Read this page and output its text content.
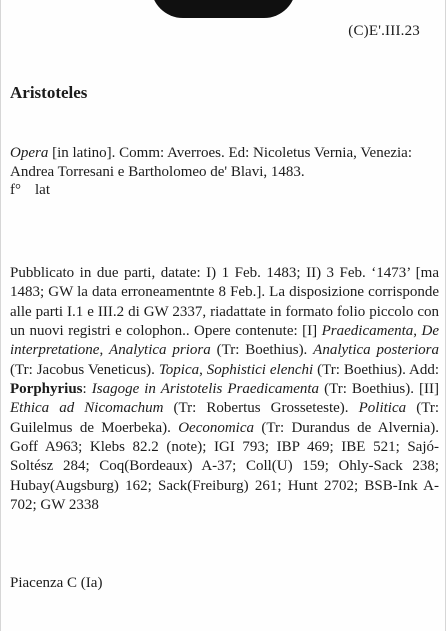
(C)E'.III.23
Aristoteles
Opera [in latino]. Comm: Averroes. Ed: Nicoletus Vernia, Venezia: Andrea Torresani e Bartholomeo de' Blavi, 1483.
f° lat

Pubblicato in due parti, datate: I) 1 Feb. 1483; II) 3 Feb. ‘1473’ [ma 1483; GW la data erroneamentnte 8 Feb.]. La disposizione corrisponde alle parti I.1 e III.2 di GW 2337, riadattate in formato folio piccolo con un nuovi registri e colophon.. Opere contenute: [I] Praedicamenta, De interpretatione, Analytica priora (Tr: Boethius). Analytica posteriora (Tr: Jacobus Veneticus). Topica, Sophistici elenchi (Tr: Boethius). Add: Porphyrius: Isagoge in Aristotelis Praedicamenta (Tr: Boethius). [II] Ethica ad Nicomachum (Tr: Robertus Grosseteste). Politica (Tr: Guilelmus de Moerbeka). Oeconomica (Tr: Durandus de Alvernia). Goff A963; Klebs 82.2 (note); IGI 793; IBP 469; IBE 521; Sajó-Soltész 284; Coq(Bordeaux) A-37; Coll(U) 159; Ohly-Sack 238; Hubay(Augsburg) 162; Sack(Freiburg) 261; Hunt 2702; BSB-Ink A-702; GW 2338

Piacenza C (Ia)
